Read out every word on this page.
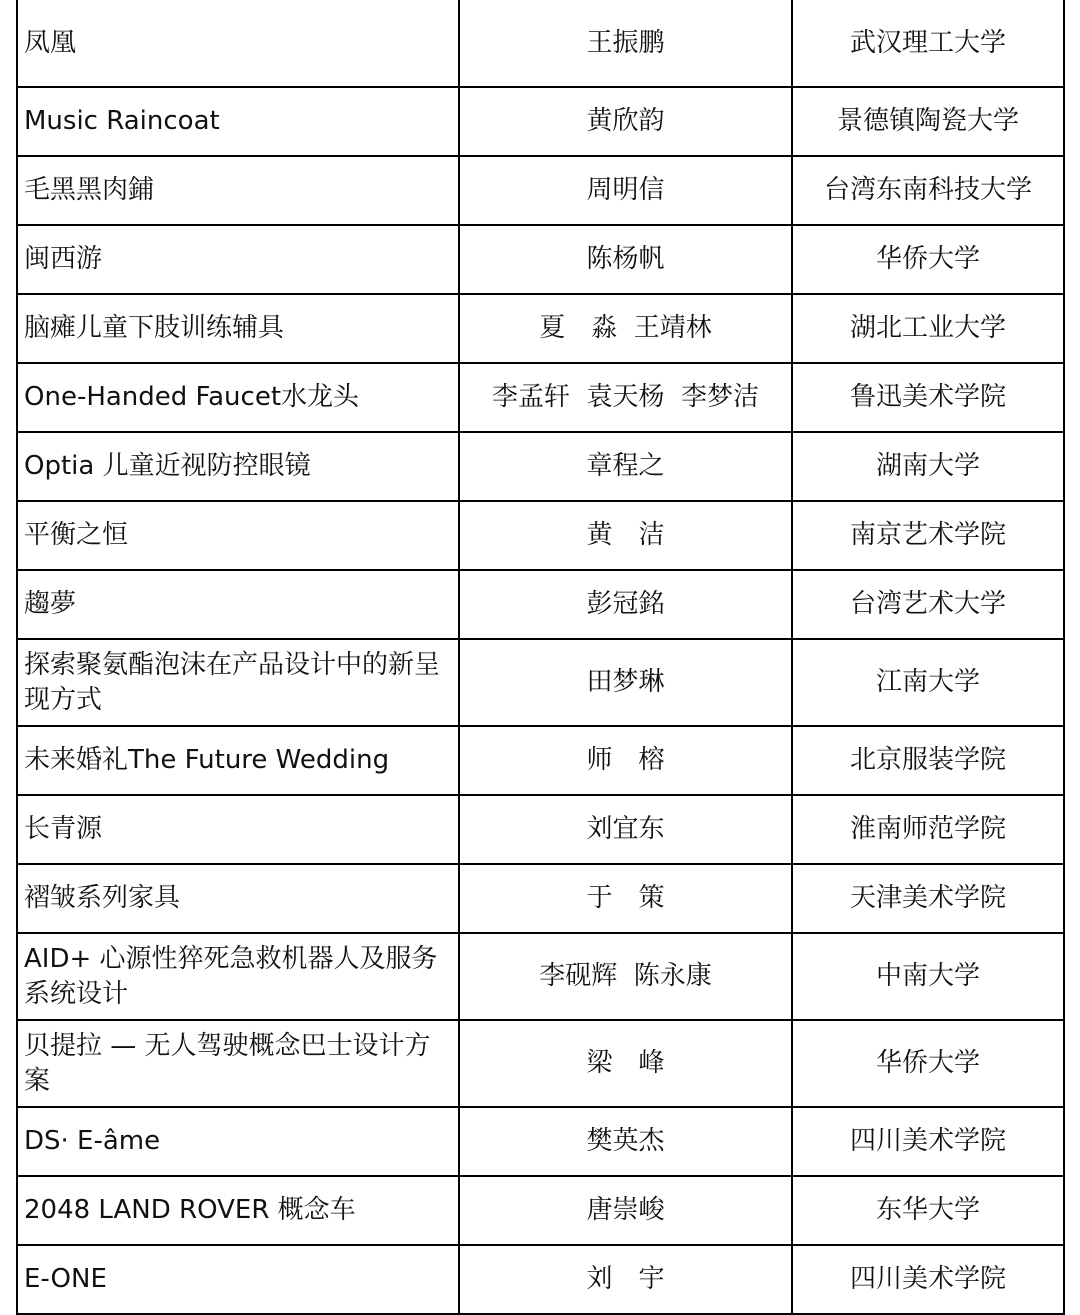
凤凰	王振鹏	武汉理工大学
Music Raincoat	黄欣韵	景德镇陶瓷大学
毛黑黑肉鋪	周明信	台湾东南科技大学
闽西游	陈杨帆	华侨大学
脑瘫儿童下肢训练辅具	夏　淼  王靖林	湖北工业大学
One-Handed Faucet水龙头	李孟轩  袁天杨  李梦洁	鲁迅美术学院
Optia 儿童近视防控眼镜	章程之	湖南大学
平衡之恒	黄　洁	南京艺术学院
趨夢	彭冠銘	台湾艺术大学
探索聚氨酯泡沫在产品设计中的新呈现方式	田梦琳	江南大学
未来婚礼The Future Wedding	师　榕	北京服装学院
长青源	刘宜东	淮南师范学院
褶皱系列家具	于　策	天津美术学院
AID+ 心源性猝死急救机器人及服务系统设计	李砚辉  陈永康	中南大学
贝提拉 — 无人驾驶概念巴士设计方案	梁　峰	华侨大学
DS· E-âme	樊英杰	四川美术学院
2048 LAND ROVER 概念车	唐崇峻	东华大学
E-ONE	刘　宇	四川美术学院
